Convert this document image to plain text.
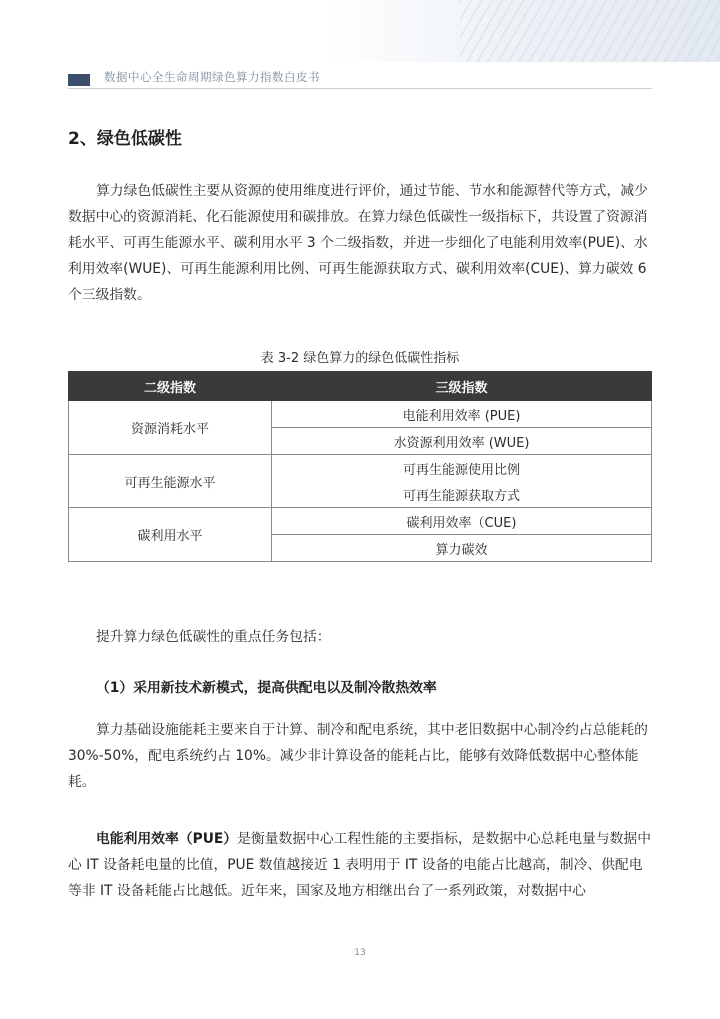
数据中心全生命周期绿色算力指数白皮书
2、绿色低碳性
算力绿色低碳性主要从资源的使用维度进行评价，通过节能、节水和能源替代等方式，减少数据中心的资源消耗、化石能源使用和碳排放。在算力绿色低碳性一级指标下，共设置了资源消耗水平、可再生能源水平、碳利用水平 3 个二级指数，并进一步细化了电能利用效率(PUE)、水利用效率(WUE)、可再生能源利用比例、可再生能源获取方式、碳利用效率(CUE)、算力碳效 6 个三级指数。
表 3-2 绿色算力的绿色低碳性指标
二级指数	三级指数
资源消耗水平	电能利用效率 (PUE)
	水资源利用效率 (WUE)
可再生能源水平	可再生能源使用比例
	可再生能源获取方式
碳利用水平	碳利用效率（CUE)
	算力碳效
提升算力绿色低碳性的重点任务包括：
（1）采用新技术新模式，提高供配电以及制冷散热效率
算力基础设施能耗主要来自于计算、制冷和配电系统，其中老旧数据中心制冷约占总能耗的 30%-50%，配电系统约占 10%。减少非计算设备的能耗占比，能够有效降低数据中心整体能耗。
电能利用效率（PUE）是衡量数据中心工程性能的主要指标，是数据中心总耗电量与数据中心 IT 设备耗电量的比值，PUE 数值越接近 1 表明用于 IT 设备的电能占比越高，制冷、供配电等非 IT 设备耗能占比越低。近年来，国家及地方相继出台了一系列政策，对数据中心
13
